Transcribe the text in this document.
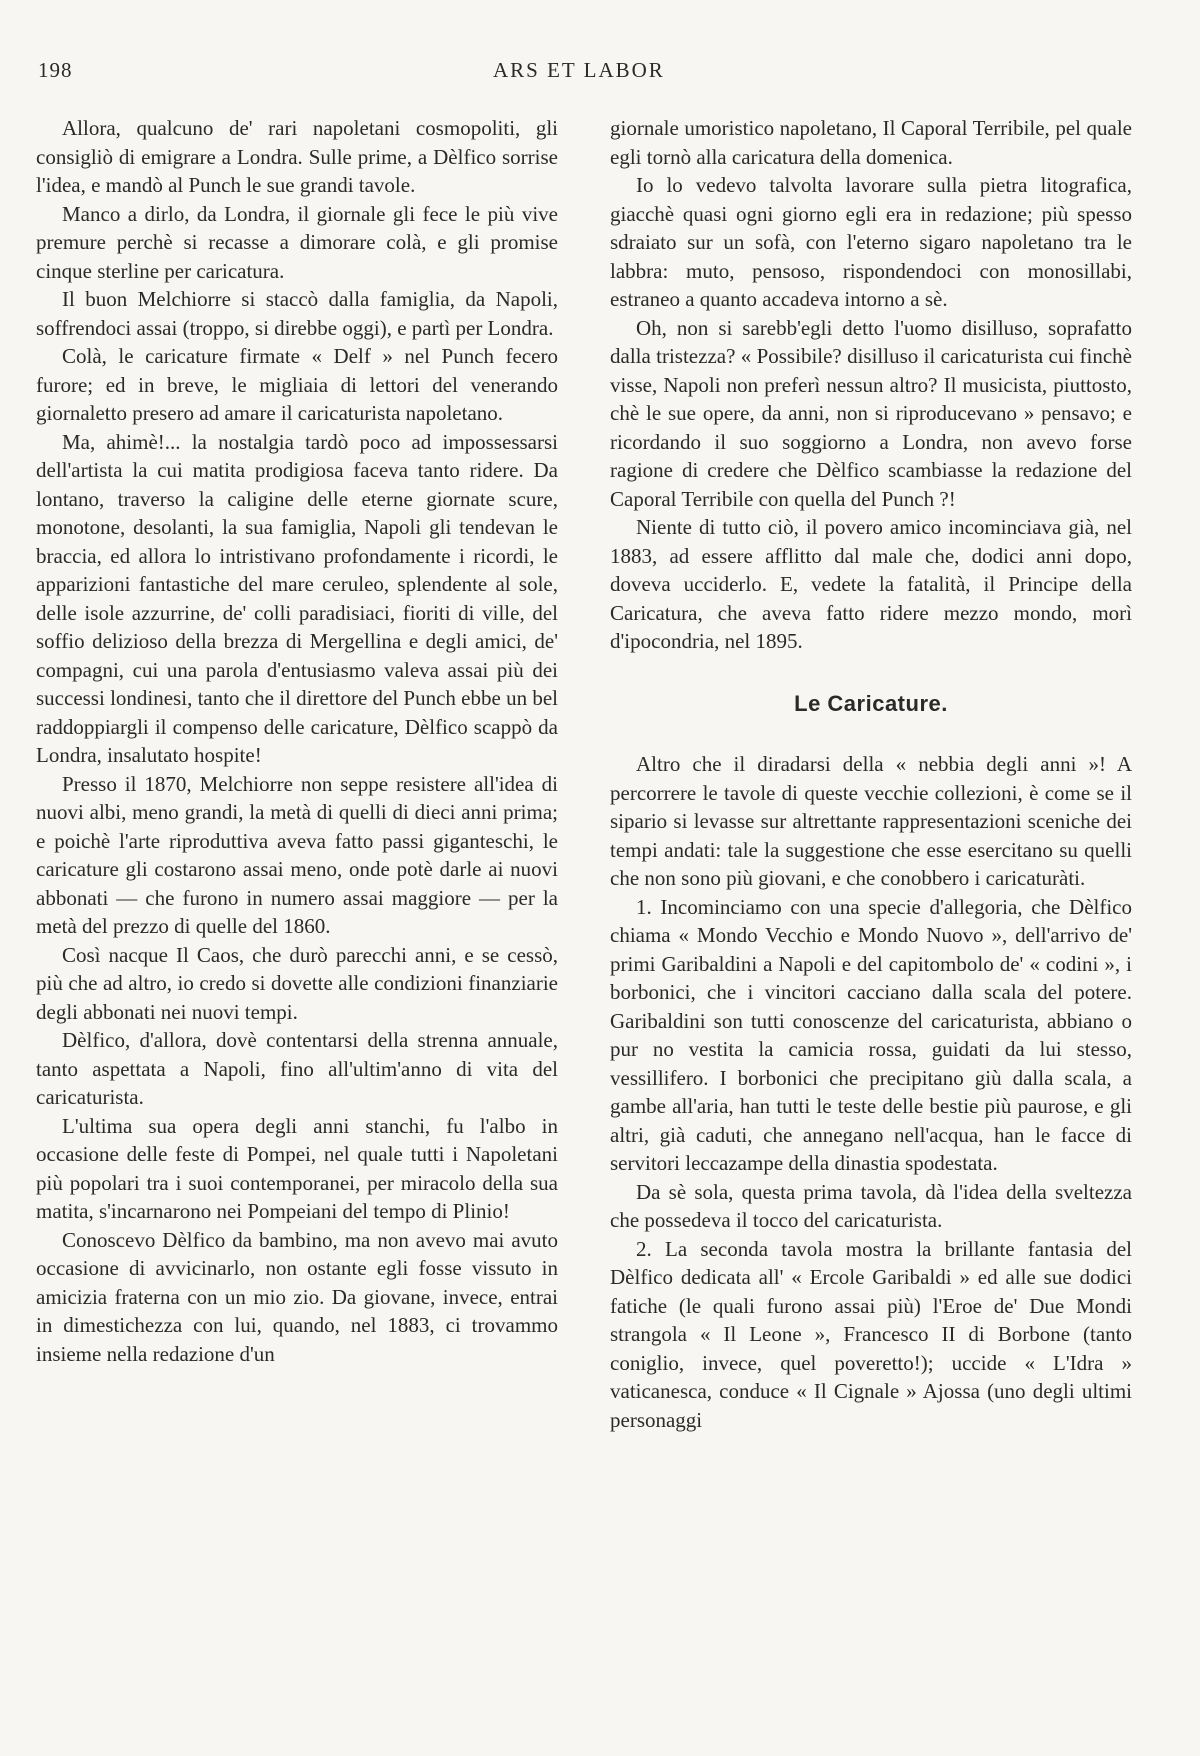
198	ARS ET LABOR

Allora, qualcuno de' rari napoletani cosmopoliti, gli consigliò di emigrare a Londra. Sulle prime, a Dèlfico sorrise l'idea, e mandò al Punch le sue grandi tavole.

Manco a dirlo, da Londra, il giornale gli fece le più vive premure perchè si recasse a dimorare colà, e gli promise cinque sterline per caricatura.

Il buon Melchiorre si staccò dalla famiglia, da Napoli, soffrendoci assai (troppo, si direbbe oggi), e partì per Londra.

Colà, le caricature firmate « Delf » nel Punch fecero furore; ed in breve, le migliaia di lettori del venerando giornaletto presero ad amare il caricaturista napoletano.

Ma, ahimè!... la nostalgia tardò poco ad impossessarsi dell'artista la cui matita prodigiosa faceva tanto ridere. Da lontano, traverso la caligine delle eterne giornate scure, monotone, desolanti, la sua famiglia, Napoli gli tendevan le braccia, ed allora lo intristivano profondamente i ricordi, le apparizioni fantastiche del mare ceruleo, splendente al sole, delle isole azzurrine, de' colli paradisiaci, fioriti di ville, del soffio delizioso della brezza di Mergellina e degli amici, de' compagni, cui una parola d'entusiasmo valeva assai più dei successi londinesi, tanto che il direttore del Punch ebbe un bel raddoppiargli il compenso delle caricature, Dèlfico scappò da Londra, insalutato hospite!

Presso il 1870, Melchiorre non seppe resistere all'idea di nuovi albi, meno grandi, la metà di quelli di dieci anni prima; e poichè l'arte riproduttiva aveva fatto passi giganteschi, le caricature gli costarono assai meno, onde potè darle ai nuovi abbonati — che furono in numero assai maggiore — per la metà del prezzo di quelle del 1860.

Così nacque Il Caos, che durò parecchi anni, e se cessò, più che ad altro, io credo si dovette alle condizioni finanziarie degli abbonati nei nuovi tempi.

Dèlfico, d'allora, dovè contentarsi della strenna annuale, tanto aspettata a Napoli, fino all'ultim'anno di vita del caricaturista.

L'ultima sua opera degli anni stanchi, fu l'albo in occasione delle feste di Pompei, nel quale tutti i Napoletani più popolari tra i suoi contemporanei, per miracolo della sua matita, s'incarnarono nei Pompeiani del tempo di Plinio!

Conoscevo Dèlfico da bambino, ma non avevo mai avuto occasione di avvicinarlo, non ostante egli fosse vissuto in amicizia fraterna con un mio zio. Da giovane, invece, entrai in dimestichezza con lui, quando, nel 1883, ci trovammo insieme nella redazione d'un

giornale umoristico napoletano, Il Caporal Terribile, pel quale egli tornò alla caricatura della domenica.

Io lo vedevo talvolta lavorare sulla pietra litografica, giacchè quasi ogni giorno egli era in redazione; più spesso sdraiato sur un sofà, con l'eterno sigaro napoletano tra le labbra: muto, pensoso, rispondendoci con monosillabi, estraneo a quanto accadeva intorno a sè.

Oh, non si sarebb'egli detto l'uomo disilluso, soprafatto dalla tristezza? « Possibile? disilluso il caricaturista cui finchè visse, Napoli non preferì nessun altro? Il musicista, piuttosto, chè le sue opere, da anni, non si riproducevano » pensavo; e ricordando il suo soggiorno a Londra, non avevo forse ragione di credere che Dèlfico scambiasse la redazione del Caporal Terribile con quella del Punch ?!

Niente di tutto ciò, il povero amico incominciava già, nel 1883, ad essere afflitto dal male che, dodici anni dopo, doveva ucciderlo. E, vedete la fatalità, il Principe della Caricatura, che aveva fatto ridere mezzo mondo, morì d'ipocondria, nel 1895.

Le Caricature.

Altro che il diradarsi della « nebbia degli anni »! A percorrere le tavole di queste vecchie collezioni, è come se il sipario si levasse sur altrettante rappresentazioni sceniche dei tempi andati: tale la suggestione che esse esercitano su quelli che non sono più giovani, e che conobbero i caricaturàti.

1. Incominciamo con una specie d'allegoria, che Dèlfico chiama « Mondo Vecchio e Mondo Nuovo », dell'arrivo de' primi Garibaldini a Napoli e del capitombolo de' « codini », i borbonici, che i vincitori cacciano dalla scala del potere. Garibaldini son tutti conoscenze del caricaturista, abbiano o pur no vestita la camicia rossa, guidati da lui stesso, vessillifero. I borbonici che precipitano giù dalla scala, a gambe all'aria, han tutti le teste delle bestie più paurose, e gli altri, già caduti, che annegano nell'acqua, han le facce di servitori leccazampe della dinastia spodestata.

Da sè sola, questa prima tavola, dà l'idea della sveltezza che possedeva il tocco del caricaturista.

2. La seconda tavola mostra la brillante fantasia del Dèlfico dedicata all' « Ercole Garibaldi » ed alle sue dodici fatiche (le quali furono assai più) l'Eroe de' Due Mondi strangola « Il Leone », Francesco II di Borbone (tanto coniglio, invece, quel poveretto!); uccide « L'Idra » vaticanesca, conduce « Il Cignale » Ajossa (uno degli ultimi personaggi
